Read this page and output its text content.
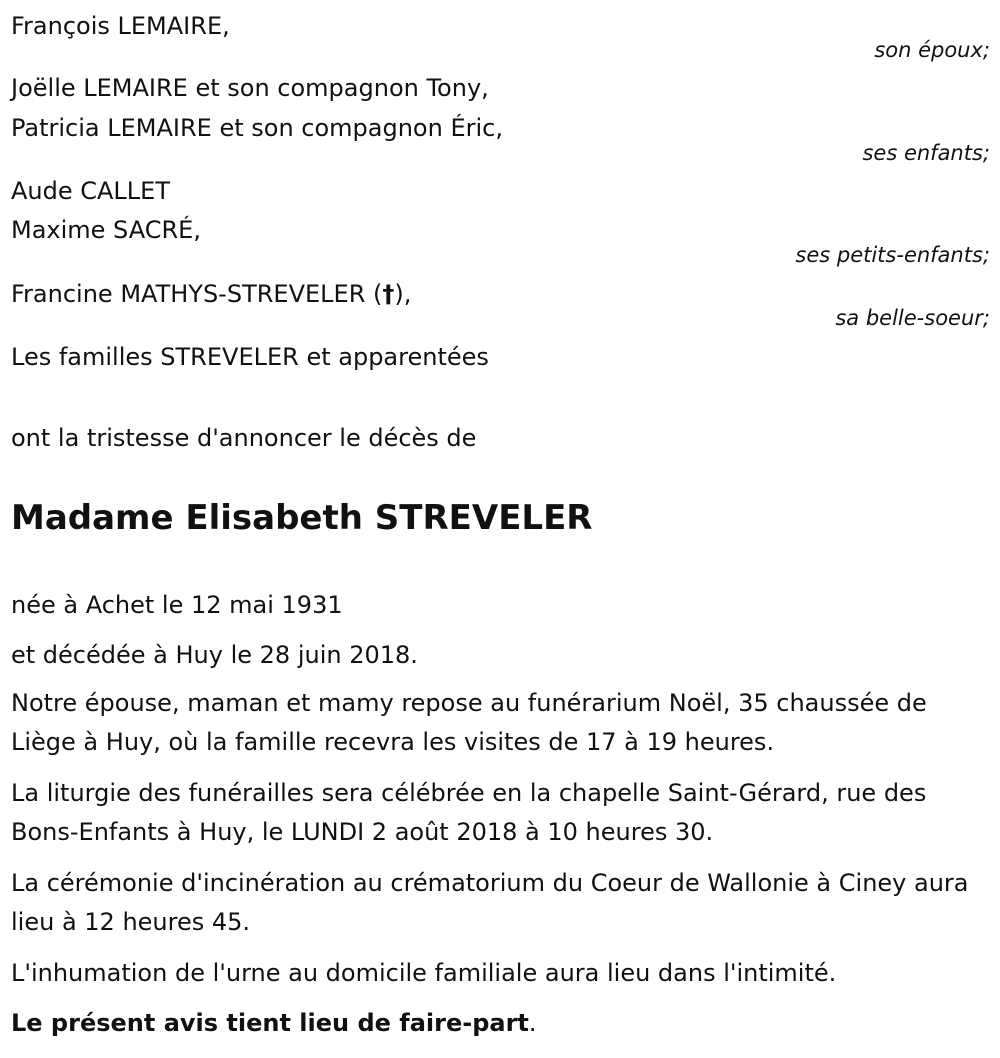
François LEMAIRE,
son époux;
Joëlle LEMAIRE et son compagnon Tony,
Patricia LEMAIRE et son compagnon Éric,
ses enfants;
Aude CALLET
Maxime SACRÉ,
ses petits-enfants;
Francine MATHYS-STREVELER (†),
sa belle-soeur;
Les familles STREVELER et apparentées
ont la tristesse d'annoncer le décès de
Madame Elisabeth STREVELER
née à Achet le 12 mai 1931
et décédée à Huy le 28 juin 2018.
Notre épouse, maman et mamy repose au funérarium Noël, 35 chaussée de Liège à Huy, où la famille recevra les visites de 17 à 19 heures.
La liturgie des funérailles sera célébrée en la chapelle Saint-Gérard, rue des Bons-Enfants à Huy, le LUNDI 2 août 2018 à 10 heures 30.
La cérémonie d'incinération au crématorium du Coeur de Wallonie à Ciney aura lieu à 12 heures 45.
L'inhumation de l'urne au domicile familiale aura lieu dans l'intimité.
Le présent avis tient lieu de faire-part.
